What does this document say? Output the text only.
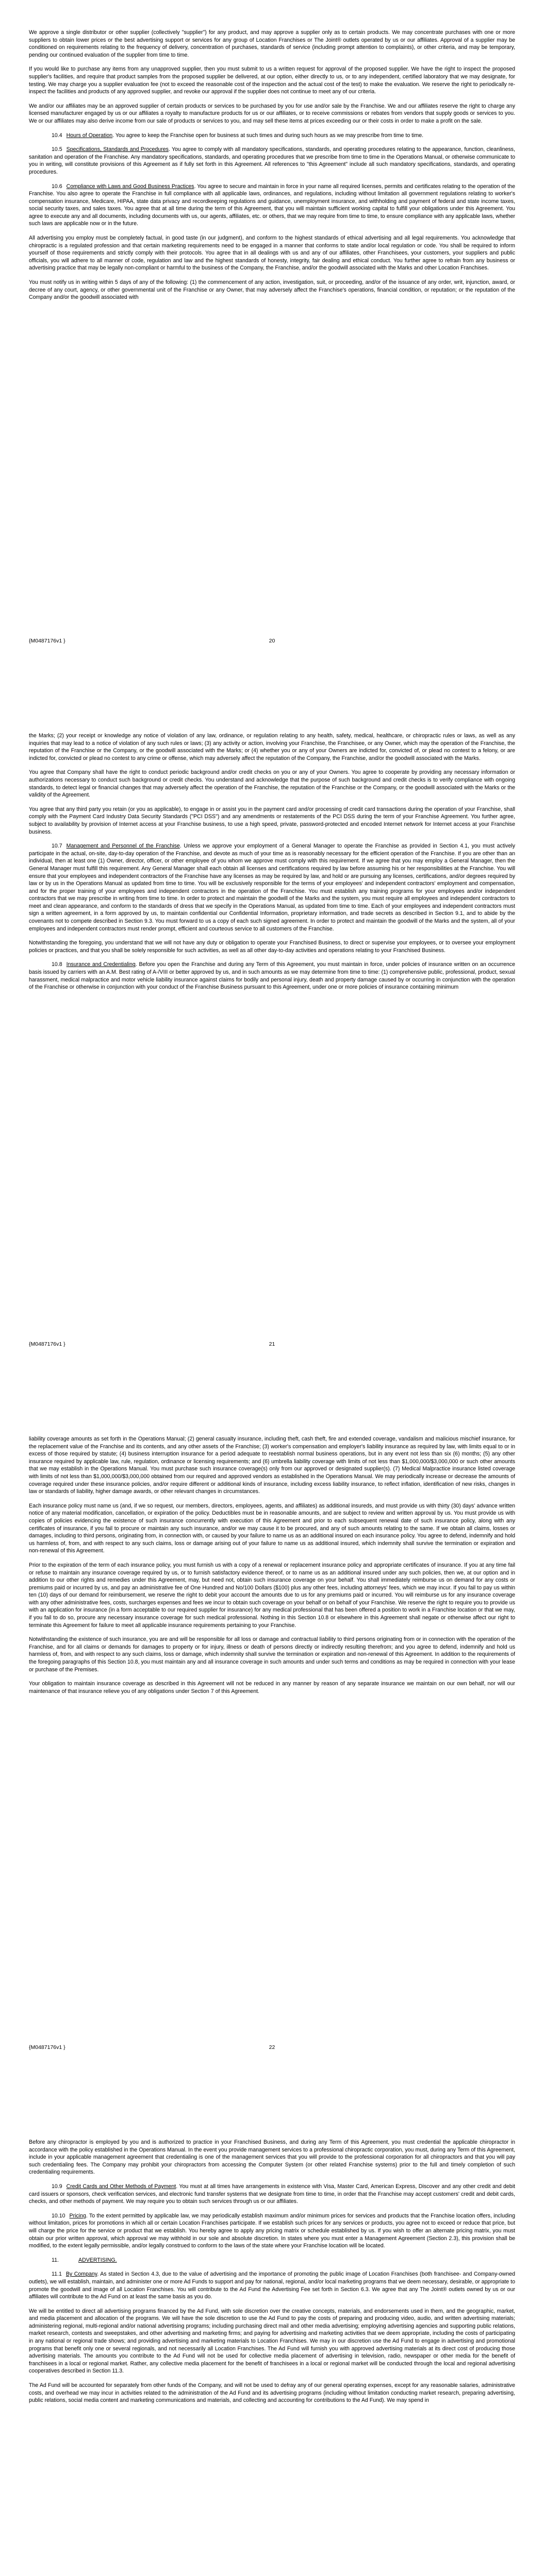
We approve a single distributor or other supplier (collectively "supplier") for any product, and may approve a supplier only as to certain products. We may concentrate purchases with one or more suppliers to obtain lower prices or the best advertising support or services for any group of Location Franchises or The Joint® outlets operated by us or our affiliates. Approval of a supplier may be conditioned on requirements relating to the frequency of delivery, concentration of purchases, standards of service (including prompt attention to complaints), or other criteria, and may be temporary, pending our continued evaluation of the supplier from time to time.

If you would like to purchase any items from any unapproved supplier, then you must submit to us a written request for approval of the proposed supplier. We have the right to inspect the proposed supplier's facilities, and require that product samples from the proposed supplier be delivered, at our option, either directly to us, or to any independent, certified laboratory that we may designate, for testing. We may charge you a supplier evaluation fee (not to exceed the reasonable cost of the inspection and the actual cost of the test) to make the evaluation. We reserve the right to periodically re-inspect the facilities and products of any approved supplier, and revoke our approval if the supplier does not continue to meet any of our criteria.

We and/or our affiliates may be an approved supplier of certain products or services to be purchased by you for use and/or sale by the Franchise. We and our affiliates reserve the right to charge any licensed manufacturer engaged by us or our affiliates a royalty to manufacture products for us or our affiliates, or to receive commissions or rebates from vendors that supply goods or services to you. We or our affiliates may also derive income from our sale of products or services to you, and may sell these items at prices exceeding our or their costs in order to make a profit on the sale.

10.4 Hours of Operation. You agree to keep the Franchise open for business at such times and during such hours as we may prescribe from time to time.

10.5 Specifications, Standards and Procedures. You agree to comply with all mandatory specifications, standards, and operating procedures relating to the appearance, function, cleanliness, sanitation and operation of the Franchise. Any mandatory specifications, standards, and operating procedures that we prescribe from time to time in the Operations Manual, or otherwise communicate to you in writing, will constitute provisions of this Agreement as if fully set forth in this Agreement. All references to "this Agreement" include all such mandatory specifications, standards, and operating procedures.

10.6 Compliance with Laws and Good Business Practices. You agree to secure and maintain in force in your name all required licenses, permits and certificates relating to the operation of the Franchise. You also agree to operate the Franchise in full compliance with all applicable laws, ordinances, and regulations, including without limitation all government regulations relating to worker's compensation insurance, Medicare, HIPAA, state data privacy and recordkeeping regulations and guidance, unemployment insurance, and withholding and payment of federal and state income taxes, social security taxes, and sales taxes. You agree that at all time during the term of this Agreement, that you will maintain sufficient working capital to fulfill your obligations under this Agreement. You agree to execute any and all documents, including documents with us, our agents, affiliates, etc. or others, that we may require from time to time, to ensure compliance with any applicable laws, whether such laws are applicable now or in the future.

All advertising you employ must be completely factual, in good taste (in our judgment), and conform to the highest standards of ethical advertising and all legal requirements. You acknowledge that chiropractic is a regulated profession and that certain marketing requirements need to be engaged in a manner that conforms to state and/or local regulation or code. You shall be required to inform yourself of those requirements and strictly comply with their protocols. You agree that in all dealings with us and any of our affiliates, other Franchisees, your customers, your suppliers and public officials, you will adhere to all manner of code, regulation and law and the highest standards of honesty, integrity, fair dealing and ethical conduct. You further agree to refrain from any business or advertising practice that may be legally non-compliant or harmful to the business of the Company, the Franchise, and/or the goodwill associated with the Marks and other Location Franchises.

You must notify us in writing within 5 days of any of the following: (1) the commencement of any action, investigation, suit, or proceeding, and/or of the issuance of any order, writ, injunction, award, or decree of any court, agency, or other governmental unit of the Franchise or any Owner, that may adversely affect the Franchise's operations, financial condition, or reputation; or the reputation of the Company and/or the goodwill associated with

20
{M0487176v1 }

the Marks; (2) your receipt or knowledge any notice of violation of any law, ordinance, or regulation relating to any health, safety, medical, healthcare, or chiropractic rules or laws, as well as any inquiries that may lead to a notice of violation of any such rules or laws; (3) any activity or action, involving your Franchise, the Franchisee, or any Owner, which may the operation of the Franchise, the reputation of the Franchise or the Company, or the goodwill associated with the Marks; or (4) whether you or any of your Owners are indicted for, convicted of, or plead no contest to a felony, or are indicted for, convicted or plead no contest to any crime or offense, which may adversely affect the reputation of the Company, the Franchise, and/or the goodwill associated with the Marks.

You agree that Company shall have the right to conduct periodic background and/or credit checks on you or any of your Owners. You agree to cooperate by providing any necessary information or authorizations necessary to conduct such background or credit checks. You understand and acknowledge that the purpose of such background and credit checks is to verify compliance with ongoing standards, to detect legal or financial changes that may adversely affect the operation of the Franchise, the reputation of the Franchise or the Company, or the goodwill associated with the Marks or the validity of the Agreement.

You agree that any third party you retain (or you as applicable), to engage in or assist you in the payment card and/or processing of credit card transactions during the operation of your Franchise, shall comply with the Payment Card Industry Data Security Standards ("PCI DSS") and any amendments or restatements of the PCI DSS during the term of your Franchise Agreement. You further agree, subject to availability by provision of Internet access at your Franchise business, to use a high speed, private, password-protected and encoded Internet network for Internet access at your Franchise business.

10.7 Management and Personnel of the Franchise. Unless we approve your employment of a General Manager to operate the Franchise as provided in Section 4.1, you must actively participate in the actual, on-site, day-to-day operation of the Franchise, and devote as much of your time as is reasonably necessary for the efficient operation of the Franchise. If you are other than an individual, then at least one (1) Owner, director, officer, or other employee of you whom we approve must comply with this requirement. If we agree that you may employ a General Manager, then the General Manager must fulfill this requirement. Any General Manager shall each obtain all licenses and certifications required by law before assuming his or her responsibilities at the Franchise. You will ensure that your employees and independent contractors of the Franchise have any licenses as may be required by law, and hold or are pursuing any licenses, certifications, and/or degrees required by law or by us in the Operations Manual as updated from time to time. You will be exclusively responsible for the terms of your employees' and independent contractors' employment and compensation, and for the proper training of your employees and independent contractors in the operation of the Franchise. You must establish any training programs for your employees and/or independent contractors that we may prescribe in writing from time to time. In order to protect and maintain the goodwill of the Marks and the system, you must require all employees and independent contractors to meet and clean appearance, and conform to the standards of dress that we specify in the Operations Manual, as updated from time to time. Each of your employees and independent contractors must sign a written agreement, in a form approved by us, to maintain confidential our Confidential Information, proprietary information, and trade secrets as described in Section 9.1, and to abide by the covenants not to compete described in Section 9.3. You must forward to us a copy of each such signed agreement. In order to protect and maintain the goodwill of the Marks and the system, all of your employees and independent contractors must render prompt, efficient and courteous service to all customers of the Franchise.

Notwithstanding the foregoing, you understand that we will not have any duty or obligation to operate your Franchised Business, to direct or supervise your employees, or to oversee your employment policies or practices, and that you shall be solely responsible for such activities, as well as all other day-to-day activities and operations relating to your Franchised Business.

10.8 Insurance and Credentialing. Before you open the Franchise and during any Term of this Agreement, you must maintain in force, under policies of insurance written on an occurrence basis issued by carriers with an A.M. Best rating of A-/VIII or better approved by us, and in such amounts as we may determine from time to time: (1) comprehensive public, professional, product, sexual harassment, medical malpractice and motor vehicle liability insurance against claims for bodily and personal injury, death and property damage caused by or occurring in conjunction with the operation of the Franchise or otherwise in conjunction with your conduct of the Franchise Business pursuant to this Agreement, under one or more policies of insurance containing minimum

21
{M0487176v1 }

liability coverage amounts as set forth in the Operations Manual; (2) general casualty insurance, including theft, cash theft, fire and extended coverage, vandalism and malicious mischief insurance, for the replacement value of the Franchise and its contents, and any other assets of the Franchise; (3) worker's compensation and employer's liability insurance as required by law, with limits equal to or in excess of those required by statute; (4) business interruption insurance for a period adequate to reestablish normal business operations, but in any event not less than six (6) months; (5) any other insurance required by applicable law, rule, regulation, ordinance or licensing requirements; and (6) umbrella liability coverage with limits of not less than $1,000,000/$3,000,000 or such other amounts that we may establish in the Operations Manual. You must purchase such insurance coverage(s) only from our approved or designated supplier(s). (7) Medical Malpractice insurance listed coverage with limits of not less than $1,000,000/$3,000,000 obtained from our required and approved vendors as established in the Operations Manual. We may periodically increase or decrease the amounts of coverage required under these insurance policies, and/or require different or additional kinds of insurance, including excess liability insurance, to reflect inflation, identification of new risks, changes in law or standards of liability, higher damage awards, or other relevant changes in circumstances.

Each insurance policy must name us (and, if we so request, our members, directors, employees, agents, and affiliates) as additional insureds, and must provide us with thirty (30) days' advance written notice of any material modification, cancellation, or expiration of the policy. Deductibles must be in reasonable amounts, and are subject to review and written approval by us. You must provide us with copies of policies evidencing the existence of such insurance concurrently with execution of this Agreement and prior to each subsequent renewal date of such insurance policy, along with any certificates of insurance, if you fail to procure or maintain any such insurance, and/or we may cause it to be procured, and any of such amounts relating to the same. If we obtain all claims, losses or damages, including to third persons, originating from, in connection with, or caused by your failure to name us as an additional insured on each insurance policy. You agree to defend, indemnify and hold us harmless of, from, and with respect to any such claims, loss or damage arising out of your failure to name us as additional insured, which indemnity shall survive the termination or expiration and non-renewal of this Agreement.

Prior to the expiration of the term of each insurance policy, you must furnish us with a copy of a renewal or replacement insurance policy and appropriate certificates of insurance. If you at any time fail or refuse to maintain any insurance coverage required by us, or to furnish satisfactory evidence thereof, or to name us as an additional insured under any such policies, then we, at our option and in addition to our other rights and remedies under this Agreement, may, but need not, obtain such insurance coverage on your behalf. You shall immediately reimburse us on demand for any costs or premiums paid or incurred by us, and pay an administrative fee of One Hundred and No/100 Dollars ($100) plus any other fees, including attorneys' fees, which we may incur. If you fail to pay us within ten (10) days of our demand for reimbursement, we reserve the right to debit your account the amounts due to us for any premiums paid or incurred. You will reimburse us for any insurance coverage with any other administrative fees, costs, surcharges expenses and fees we incur to obtain such coverage on your behalf or on behalf of your Franchise. We reserve the right to require you to provide us with an application for insurance (in a form acceptable to our required supplier for insurance) for any medical professional that has been offered a position to work in a Franchise location or that we may, if you fail to do so, procure any necessary insurance coverage for such medical professional. Nothing in this Section 10.8 or elsewhere in this Agreement shall negate or otherwise affect our right to terminate this Agreement for failure to meet all applicable insurance requirements pertaining to your Franchise.

Notwithstanding the existence of such insurance, you are and will be responsible for all loss or damage and contractual liability to third persons originating from or in connection with the operation of the Franchise, and for all claims or demands for damages to property or for injury, illness or death of persons directly or indirectly resulting therefrom; and you agree to defend, indemnify and hold us harmless of, from, and with respect to any such claims, loss or damage, which indemnity shall survive the termination or expiration and non-renewal of this Agreement. In addition to the requirements of the foregoing paragraphs of this Section 10.8, you must maintain any and all insurance coverage in such amounts and under such terms and conditions as may be required in connection with your lease or purchase of the Premises.

Your obligation to maintain insurance coverage as described in this Agreement will not be reduced in any manner by reason of any separate insurance we maintain on our own behalf, nor will our maintenance of that insurance relieve you of any obligations under Section 7 of this Agreement.

22
{M0487176v1 }

Before any chiropractor is employed by you and is authorized to practice in your Franchised Business, and during any Term of this Agreement, you must credential the applicable chiropractor in accordance with the policy established in the Operations Manual. In the event you provide management services to a professional chiropractic corporation, you must, during any Term of this Agreement, include in your applicable management agreement that credentialing is one of the management services that you will provide to the professional corporation for all chiropractors and that you will pay such credentialing fees. The Company may prohibit your chiropractors from accessing the Computer System (or other related Franchise systems) prior to the full and timely completion of such credentialing requirements.

10.9 Credit Cards and Other Methods of Payment. You must at all times have arrangements in existence with Visa, Master Card, American Express, Discover and any other credit and debit card issuers or sponsors, check verification services, and electronic fund transfer systems that we designate from time to time, in order that the Franchise may accept customers' credit and debit cards, checks, and other methods of payment. We may require you to obtain such services through us or our affiliates.

10.10 Pricing. To the extent permitted by applicable law, we may periodically establish maximum and/or minimum prices for services and products that the Franchise location offers, including without limitation, prices for promotions in which all or certain Location Franchises participate. If we establish such prices for any services or products, you agree not to exceed or reduce that price, but will charge the price for the service or product that we establish. You hereby agree to apply any pricing matrix or schedule established by us. If you wish to offer an alternate pricing matrix, you must obtain our prior written approval, which approval we may withhold in our sole and absolute discretion. In states where you must enter a Management Agreement (Section 2.3), this provision shall be modified, to the extent legally permissible, and/or legally construed to conform to the laws of the state where your Franchise location will be located.

11.	ADVERTISING.

11.1 By Company. As stated in Section 4.3, due to the value of advertising and the importance of promoting the public image of Location Franchises (both franchisee- and Company-owned outlets), we will establish, maintain, and administer one or more Ad Funds to support and pay for national, regional, and/or local marketing programs that we deem necessary, desirable, or appropriate to promote the goodwill and image of all Location Franchises. You will contribute to the Ad Fund the Advertising Fee set forth in Section 6.3. We agree that any The Joint® outlets owned by us or our affiliates will contribute to the Ad Fund on at least the same basis as you do.

We will be entitled to direct all advertising programs financed by the Ad Fund, with sole discretion over the creative concepts, materials, and endorsements used in them, and the geographic, market, and media placement and allocation of the programs. We will have the sole discretion to use the Ad Fund to pay the costs of preparing and producing video, audio, and written advertising materials; administering regional, multi-regional and/or national advertising programs; including purchasing direct mail and other media advertising; employing advertising agencies and supporting public relations, market research, contests and sweepstakes, and other advertising and marketing firms; and paying for advertising and marketing activities that we deem appropriate, including the costs of participating in any national or regional trade shows; and providing advertising and marketing materials to Location Franchises. We may in our discretion use the Ad Fund to engage in advertising and promotional programs that benefit only one or several regionals, and not necessarily all Location Franchises. The Ad Fund will furnish you with approved advertising materials at its direct cost of producing those advertising materials. The amounts you contribute to the Ad Fund will not be used for collective media placement of advertising in television, radio, newspaper or other media for the benefit of franchisees in a local or regional market. Rather, any collective media placement for the benefit of franchisees in a local or regional market will be conducted through the local and regional advertising cooperatives described in Section 11.3.

The Ad Fund will be accounted for separately from other funds of the Company, and will not be used to defray any of our general operating expenses, except for any reasonable salaries, administrative costs, and overhead we may incur in activities related to the administration of the Ad Fund and its advertising programs (including without limitation conducting market research, preparing advertising, public relations, social media content and marketing communications and materials, and collecting and accounting for contributions to the Ad Fund). We may spend in
